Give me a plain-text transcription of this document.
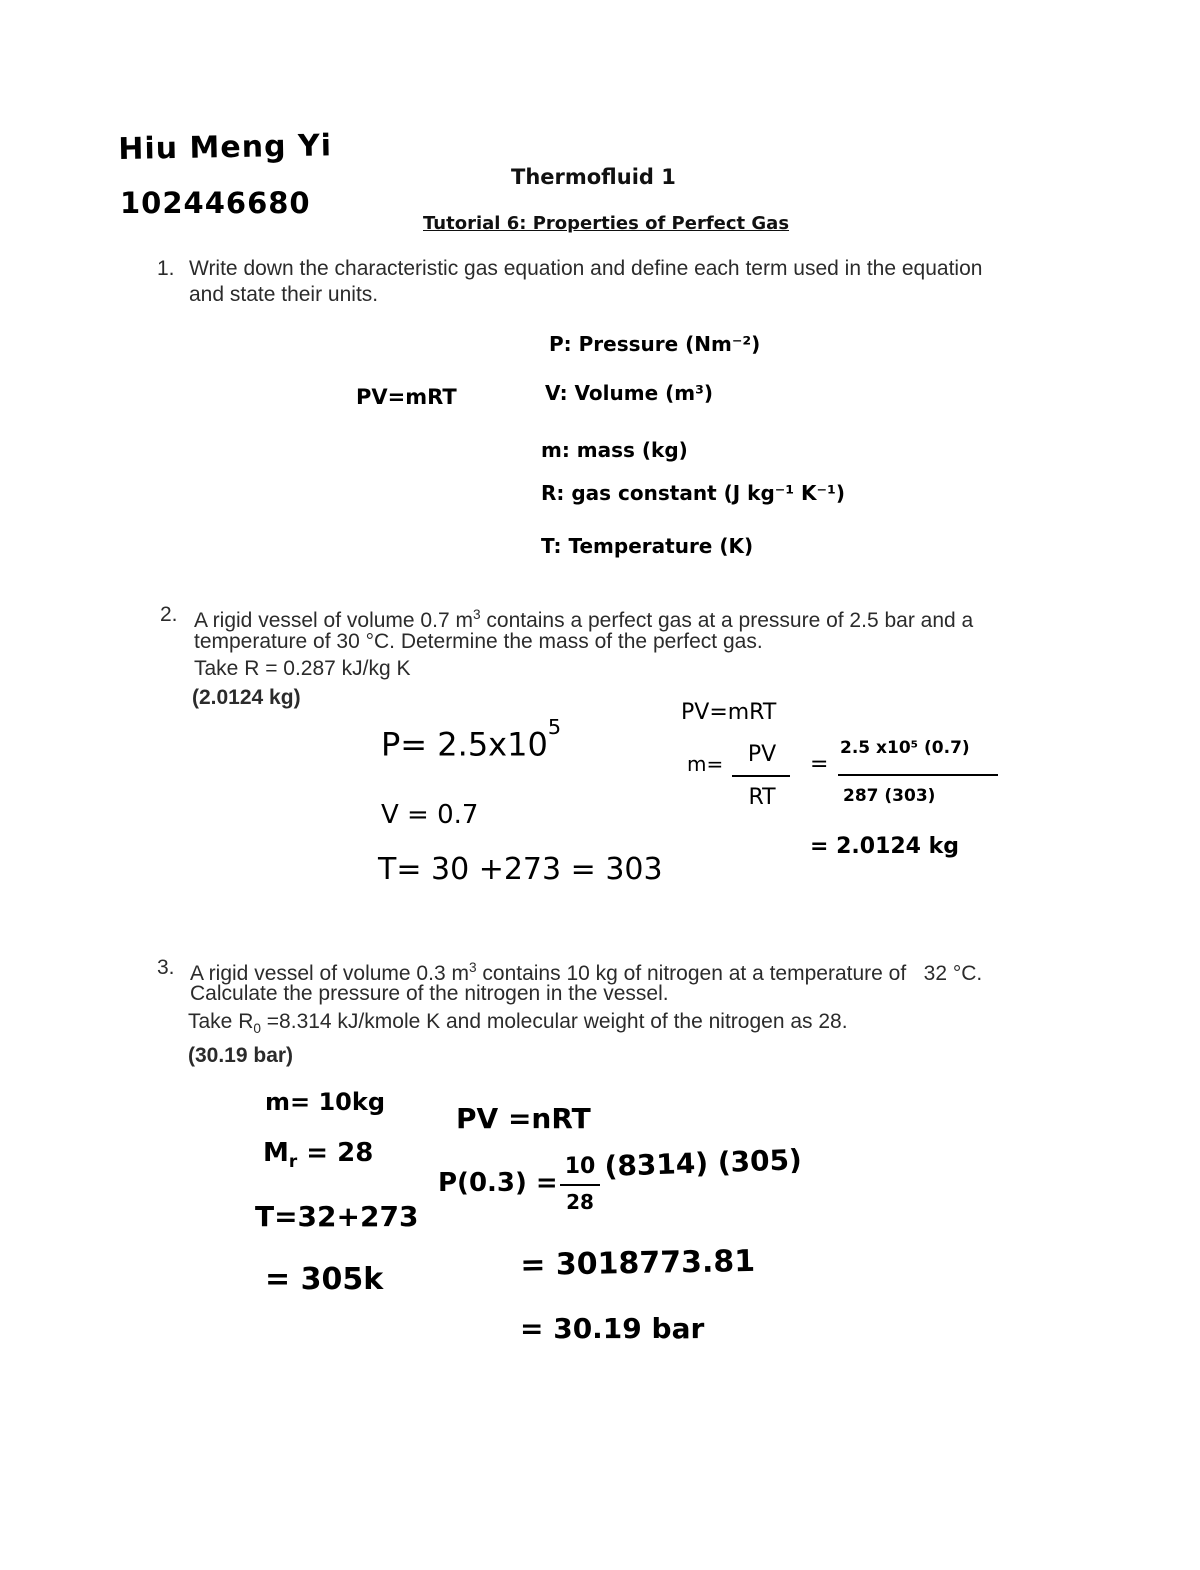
Hiu Meng Yi
102446680
Thermofluid 1
Tutorial 6: Properties of Perfect Gas
1. Write down the characteristic gas equation and define each term used in the equation
and state their units.
PV=mRT
P: Pressure (Nm⁻²)
V: Volume (m³)
m: mass (kg)
R: gas constant (J kg⁻¹ K⁻¹)
T: Temperature (K)
2. A rigid vessel of volume 0.7 $m^3$ contains a perfect gas at a pressure of 2.5 bar and a
temperature of 30 °C. Determine the mass of the perfect gas.
Take R = 0.287 kJ/kg K
(2.0124 kg)
$P= 2.5x10^5$
V = 0.7
T= 30 +273 = 303
PV=mRT
m=	PV
RT
=
2.5 x10⁵ (0.7)
287 (303)
= 2.0124 kg
3. A rigid vessel of volume 0.3 $m^3$ contains 10 kg of nitrogen at a temperature of   32 °C.
Calculate the pressure of the nitrogen in the vessel.
Take $R_0 =8.314$ kJ/kmole K and molecular weight of the nitrogen as 28.
(30.19 bar)
m= 10kg
$M_r = 28$
T=32+273
= 305k
PV =nRT
P(0.3) =
10
28
(8314) (305)
= 3018773.81
= 30.19 bar
